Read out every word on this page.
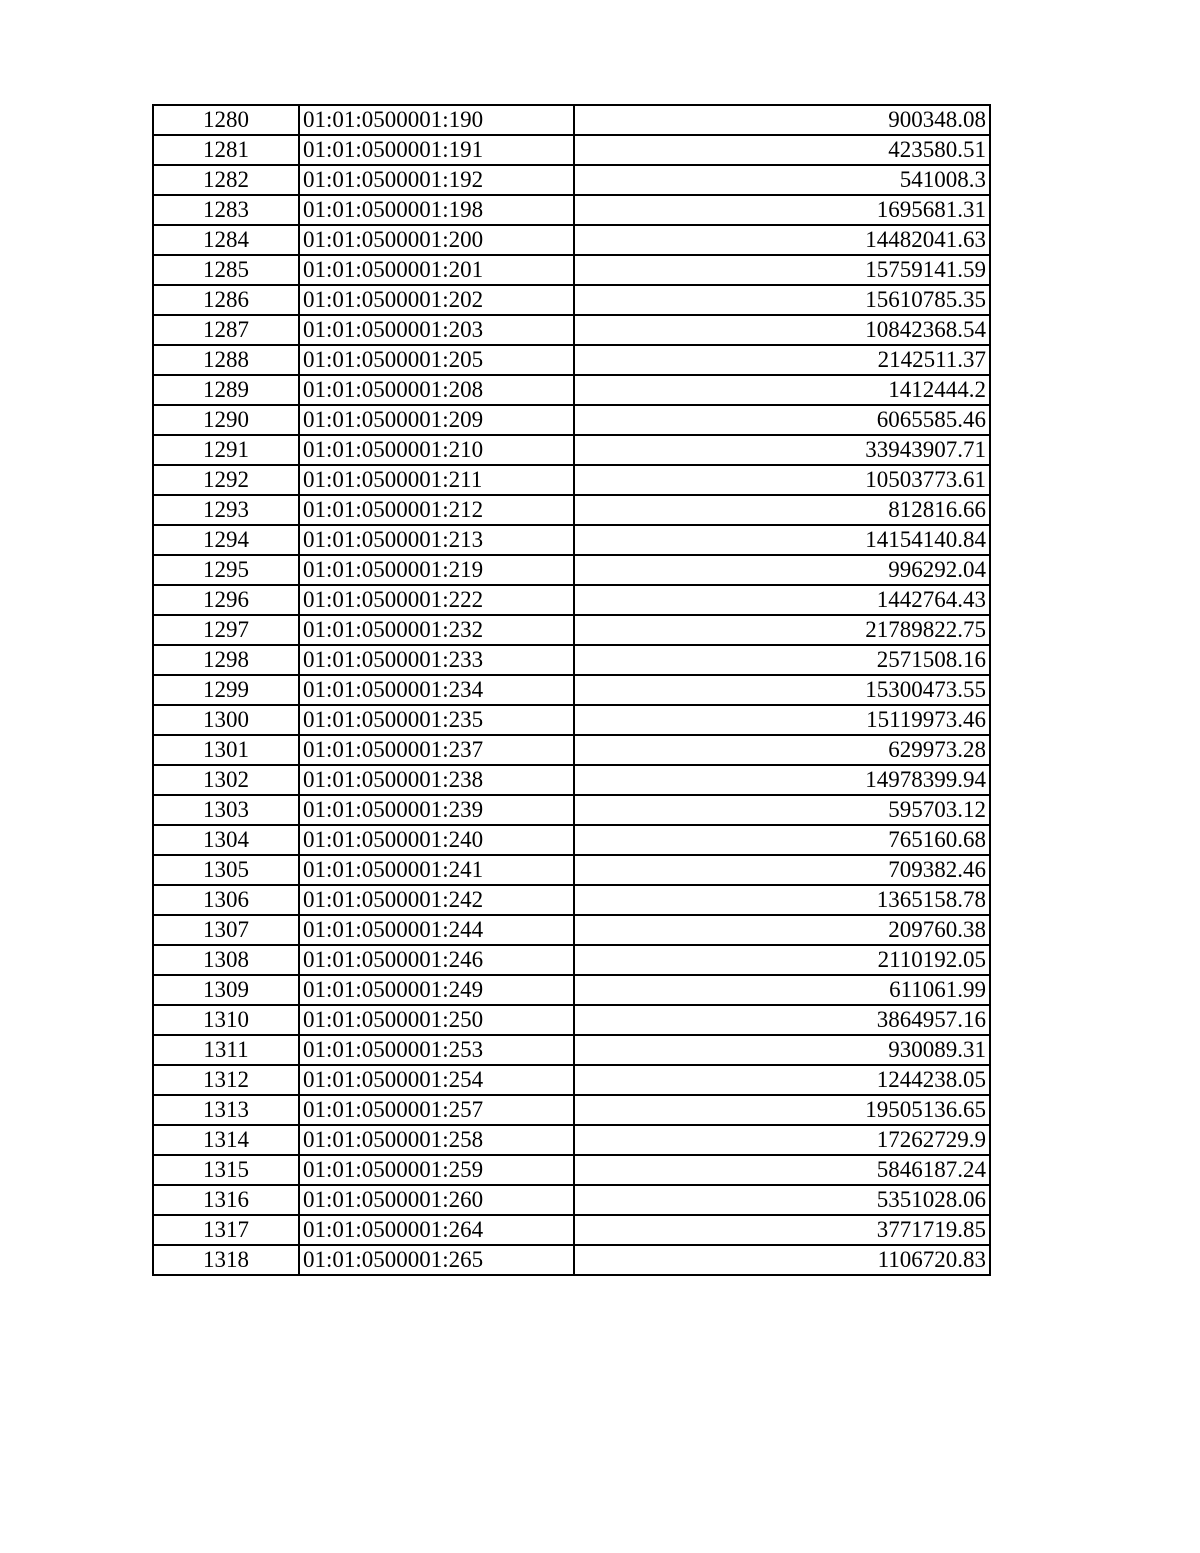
1280	01:01:0500001:190	900348.08
1281	01:01:0500001:191	423580.51
1282	01:01:0500001:192	541008.3
1283	01:01:0500001:198	1695681.31
1284	01:01:0500001:200	14482041.63
1285	01:01:0500001:201	15759141.59
1286	01:01:0500001:202	15610785.35
1287	01:01:0500001:203	10842368.54
1288	01:01:0500001:205	2142511.37
1289	01:01:0500001:208	1412444.2
1290	01:01:0500001:209	6065585.46
1291	01:01:0500001:210	33943907.71
1292	01:01:0500001:211	10503773.61
1293	01:01:0500001:212	812816.66
1294	01:01:0500001:213	14154140.84
1295	01:01:0500001:219	996292.04
1296	01:01:0500001:222	1442764.43
1297	01:01:0500001:232	21789822.75
1298	01:01:0500001:233	2571508.16
1299	01:01:0500001:234	15300473.55
1300	01:01:0500001:235	15119973.46
1301	01:01:0500001:237	629973.28
1302	01:01:0500001:238	14978399.94
1303	01:01:0500001:239	595703.12
1304	01:01:0500001:240	765160.68
1305	01:01:0500001:241	709382.46
1306	01:01:0500001:242	1365158.78
1307	01:01:0500001:244	209760.38
1308	01:01:0500001:246	2110192.05
1309	01:01:0500001:249	611061.99
1310	01:01:0500001:250	3864957.16
1311	01:01:0500001:253	930089.31
1312	01:01:0500001:254	1244238.05
1313	01:01:0500001:257	19505136.65
1314	01:01:0500001:258	17262729.9
1315	01:01:0500001:259	5846187.24
1316	01:01:0500001:260	5351028.06
1317	01:01:0500001:264	3771719.85
1318	01:01:0500001:265	1106720.83
